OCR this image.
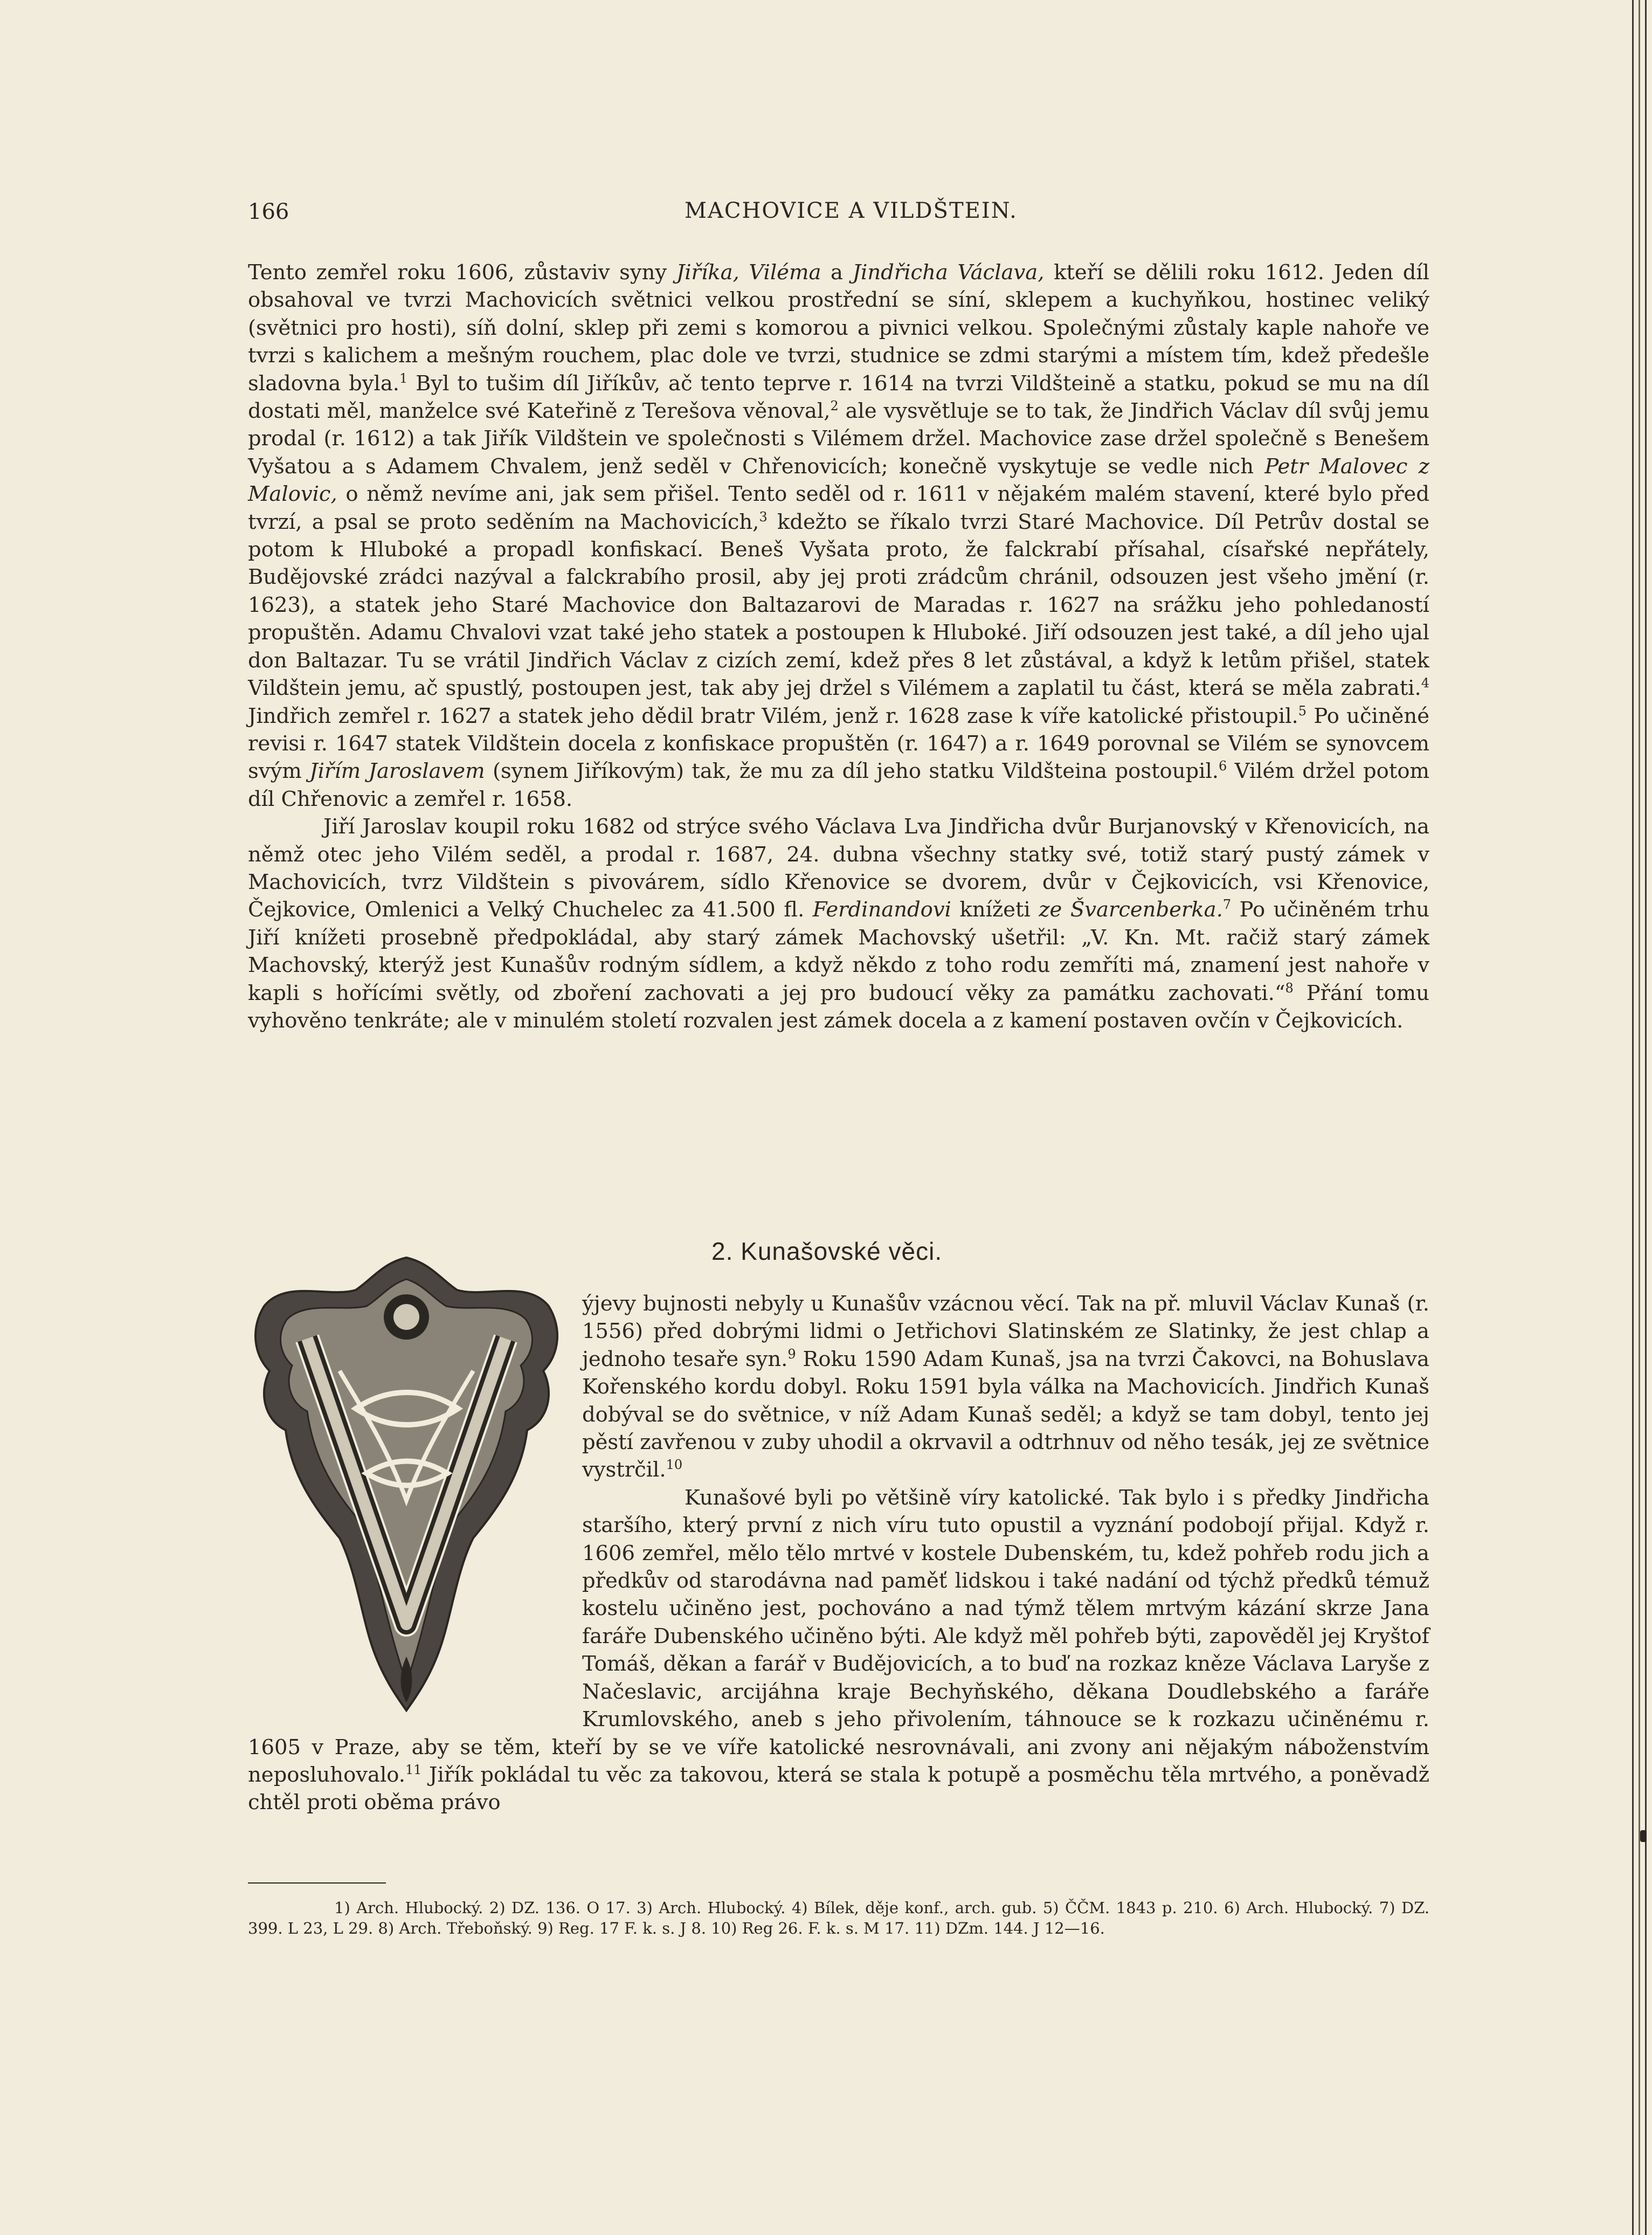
166	MACHOVICE A VILDŠTEIN.

Tento zemřel roku 1606, zůstaviv syny Jiříka, Viléma a Jindřicha Václava, kteří se dělili roku 1612. Jeden díl obsahoval ve tvrzi Machovicích světnici velkou prostřední se síní, sklepem a kuchyňkou, hostinec veliký (světnici pro hosti), síň dolní, sklep při zemi s komorou a pivnici velkou. Společnými zůstaly kaple nahoře ve tvrzi s kalichem a mešným rouchem, plac dole ve tvrzi, studnice se zdmi starými a místem tím, kdež předešle sladovna byla.$^1$ Byl to tušim díl Jiříkův, ač tento teprve r. 1614 na tvrzi Vildšteině a statku, pokud se mu na díl dostati měl, manželce své Kateřině z Terešova věnoval,$^2$ ale vysvětluje se to tak, že Jindřich Václav díl svůj jemu prodal (r. 1612) a tak Jiřík Vildštein ve společnosti s Vilémem držel. Machovice zase držel společně s Benešem Vyšatou a s Adamem Chvalem, jenž seděl v Chřenovicích; konečně vyskytuje se vedle nich Petr Malovec z Malovic, o němž nevíme ani, jak sem přišel. Tento seděl od r. 1611 v nějakém malém stavení, které bylo před tvrzí, a psal se proto seděním na Machovicích,$^3$ kdežto se říkalo tvrzi Staré Machovice. Díl Petrův dostal se potom k Hluboké a propadl konfiskací. Beneš Vyšata proto, že falckrabí přísahal, císařské nepřátely, Budějovské zrádci nazýval a falckrabího prosil, aby jej proti zrádcům chránil, odsouzen jest všeho jmění (r. 1623), a statek jeho Staré Machovice don Baltazarovi de Maradas r. 1627 na srážku jeho pohledaností propuštěn. Adamu Chvalovi vzat také jeho statek a postoupen k Hluboké. Jiří odsouzen jest také, a díl jeho ujal don Baltazar. Tu se vrátil Jindřich Václav z cizích zemí, kdež přes 8 let zůstával, a když k letům přišel, statek Vildštein jemu, ač spustlý, postoupen jest, tak aby jej držel s Vilémem a zaplatil tu část, která se měla zabrati.$^4$ Jindřich zemřel r. 1627 a statek jeho dědil bratr Vilém, jenž r. 1628 zase k víře katolické přistoupil.$^5$ Po učiněné revisi r. 1647 statek Vildštein docela z konfiskace propuštěn (r. 1647) a r. 1649 porovnal se Vilém se synovcem svým Jiřím Jaroslavem (synem Jiříkovým) tak, že mu za díl jeho statku Vildšteina postoupil.$^6$ Vilém držel potom díl Chřenovic a zemřel r. 1658.

Jiří Jaroslav koupil roku 1682 od strýce svého Václava Lva Jindřicha dvůr Burjanovský v Křenovicích, na němž otec jeho Vilém seděl, a prodal r. 1687, 24. dubna všechny statky své, totiž starý pustý zámek v Machovicích, tvrz Vildštein s pivovárem, sídlo Křenovice se dvorem, dvůr v Čejkovicích, vsi Křenovice, Čejkovice, Omlenici a Velký Chuchelec za 41.500 fl. Ferdinandovi knížeti ze Švarcenberka.$^7$ Po učiněném trhu Jiří knížeti prosebně předpokládal, aby starý zámek Machovský ušetřil: „V. Kn. Mt. račiž starý zámek Machovský, kterýž jest Kunašův rodným sídlem, a když někdo z toho rodu zemříti má, znamení jest nahoře v kapli s hořícími světly, od zboření zachovati a jej pro budoucí věky za památku zachovati.“$^8$ Přání tomu vyhověno tenkráte; ale v minulém století rozvalen jest zámek docela a z kamení postaven ovčín v Čejkovicích.

2. Kunašovské věci.

ýjevy bujnosti nebyly u Kunašův vzácnou věcí. Tak na př. mluvil Václav Kunaš (r. 1556) před dobrými lidmi o Jetřichovi Slatinském ze Slatinky, že jest chlap a jednoho tesaře syn.$^9$ Roku 1590 Adam Kunaš, jsa na tvrzi Čakovci, na Bohuslava Kořenského kordu dobyl. Roku 1591 byla válka na Machovicích. Jindřich Kunaš dobýval se do světnice, v níž Adam Kunaš seděl; a když se tam dobyl, tento jej pěstí zavřenou v zuby uhodil a okrvavil a odtrhnuv od něho tesák, jej ze světnice vystrčil.$^{10}$

Kunašové byli po většině víry katolické. Tak bylo i s předky Jindřicha staršího, který první z nich víru tuto opustil a vyznání podobojí přijal. Když r. 1606 zemřel, mělo tělo mrtvé v kostele Dubenském, tu, kdež pohřeb rodu jich a předkův od starodávna nad paměť lidskou i také nadání od týchž předků témuž kostelu učiněno jest, pochováno a nad týmž tělem mrtvým kázání skrze Jana faráře Dubenského učiněno býti. Ale když měl pohřeb býti, zapověděl jej Kryštof Tomáš, děkan a farář v Budějovicích, a to buď na rozkaz kněze Václava Laryše z Načeslavic, arcijáhna kraje Bechyňského, děkana Doudlebského a faráře Krumlovského, aneb s jeho přivolením, táhnouce se k rozkazu učiněnému r. 1605 v Praze, aby se těm, kteří by se ve víře katolické nesrovnávali, ani zvony ani nějakým náboženstvím neposluhovalo.$^{11}$ Jiřík pokládal tu věc za takovou, která se stala k potupě a posměchu těla mrtvého, a poněvadž chtěl proti oběma právo

1) Arch. Hlubocký. 2) DZ. 136. O 17. 3) Arch. Hlubocký. 4) Bílek, děje konf., arch. gub. 5) ČČM. 1843 p. 210. 6) Arch. Hlubocký. 7) DZ. 399. L 23, L 29. 8) Arch. Třeboňský. 9) Reg. 17 F. k. s. J 8. 10) Reg 26. F. k. s. M 17. 11) DZm. 144. J 12—16.
